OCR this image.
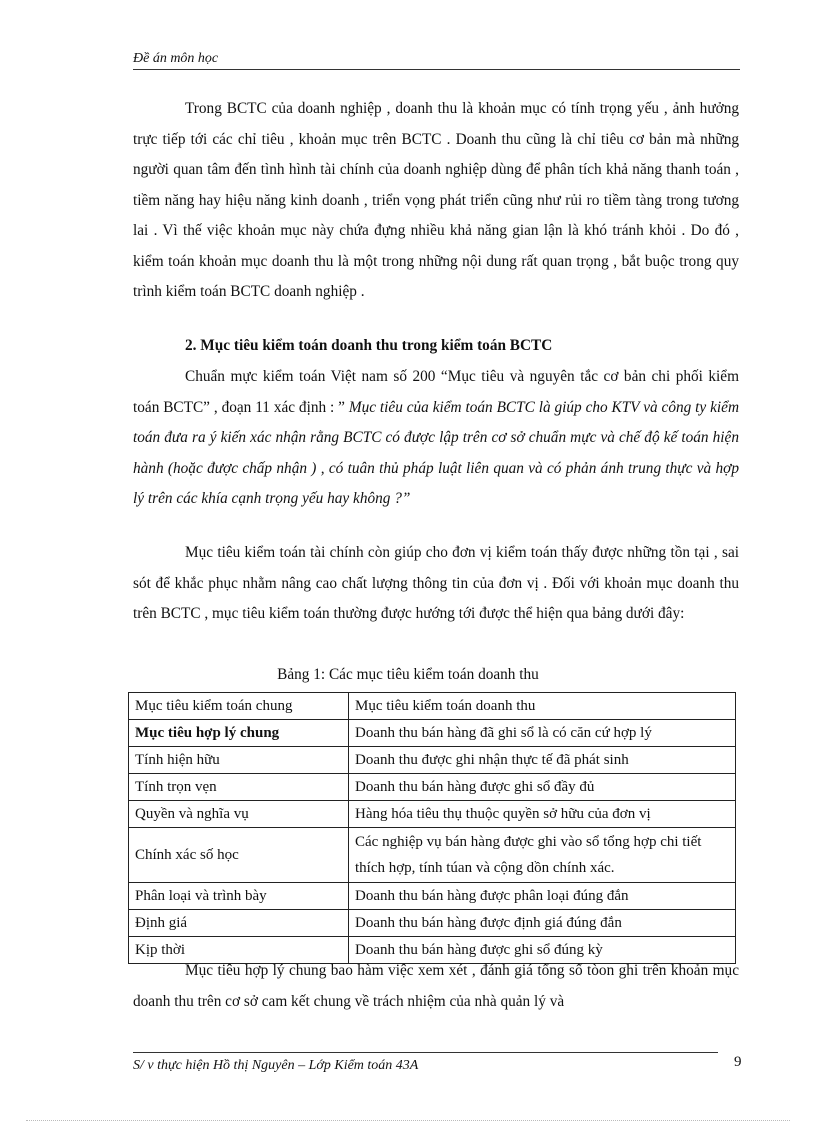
Đề án môn học

Trong BCTC của doanh nghiệp , doanh thu là khoản mục có tính trọng yếu , ảnh hưởng trực tiếp tới các chỉ tiêu , khoản mục trên BCTC . Doanh thu cũng là chỉ tiêu cơ bản mà những người quan tâm đến tình hình tài chính của doanh nghiệp dùng để phân tích khả năng thanh toán , tiềm năng hay hiệu năng kinh doanh , triển vọng phát triển cũng như rủi ro tiềm tàng trong tương lai . Vì thế việc khoản mục này chứa đựng nhiều khả năng gian lận là khó tránh khỏi . Do đó , kiểm toán khoản mục doanh thu là một trong những nội dung rất quan trọng , bắt buộc trong quy trình kiểm toán BCTC doanh nghiệp .

2. Mục tiêu kiểm toán doanh thu trong kiểm toán BCTC

Chuẩn mực kiểm toán Việt nam số 200 “Mục tiêu và nguyên tắc cơ bản chi phối kiểm toán BCTC” , đoạn 11 xác định : ” Mục tiêu của kiểm toán BCTC là giúp cho KTV và công ty kiểm toán đưa ra ý kiến xác nhận rằng BCTC có được lập trên cơ sở chuẩn mực và chế độ kế toán hiện hành (hoặc được chấp nhận ) , có tuân thủ pháp luật liên quan và có phản ánh trung thực và hợp lý trên các khía cạnh trọng yếu hay không ?”

Mục tiêu kiểm toán tài chính còn giúp cho đơn vị kiểm toán thấy được những tồn tại , sai sót để khắc phục nhằm nâng cao chất lượng thông tin của đơn vị . Đối với khoản mục doanh thu trên BCTC , mục tiêu kiểm toán thường được hướng tới được thể hiện qua bảng dưới đây:

Bảng 1: Các mục tiêu kiểm toán doanh thu
Mục tiêu kiểm toán chung	Mục tiêu kiểm toán doanh thu
Mục tiêu hợp lý chung	Doanh thu bán hàng đã ghi sổ là có căn cứ hợp lý
Tính hiện hữu	Doanh thu được ghi nhận thực tế đã phát sinh
Tính trọn vẹn	Doanh thu bán hàng được ghi sổ đầy đủ
Quyền và nghĩa vụ	Hàng hóa tiêu thụ thuộc quyền sở hữu của đơn vị
Chính xác số học	Các nghiệp vụ bán hàng được ghi vào sổ tổng hợp chi tiết thích hợp, tính túan và cộng dồn chính xác.
Phân loại và trình bày	Doanh thu bán hàng được phân loại đúng đắn
Định giá	Doanh thu bán hàng được định giá đúng đắn
Kịp thời	Doanh thu bán hàng được ghi sổ đúng kỳ

Mục tiêu hợp lý chung bao hàm việc xem xét , đánh giá tổng số tòon ghi trên khoản mục doanh thu trên cơ sở cam kết chung về trách nhiệm của nhà quản lý và

S/ v thực hiện Hồ thị Nguyên – Lớp Kiểm toán 43A	9
